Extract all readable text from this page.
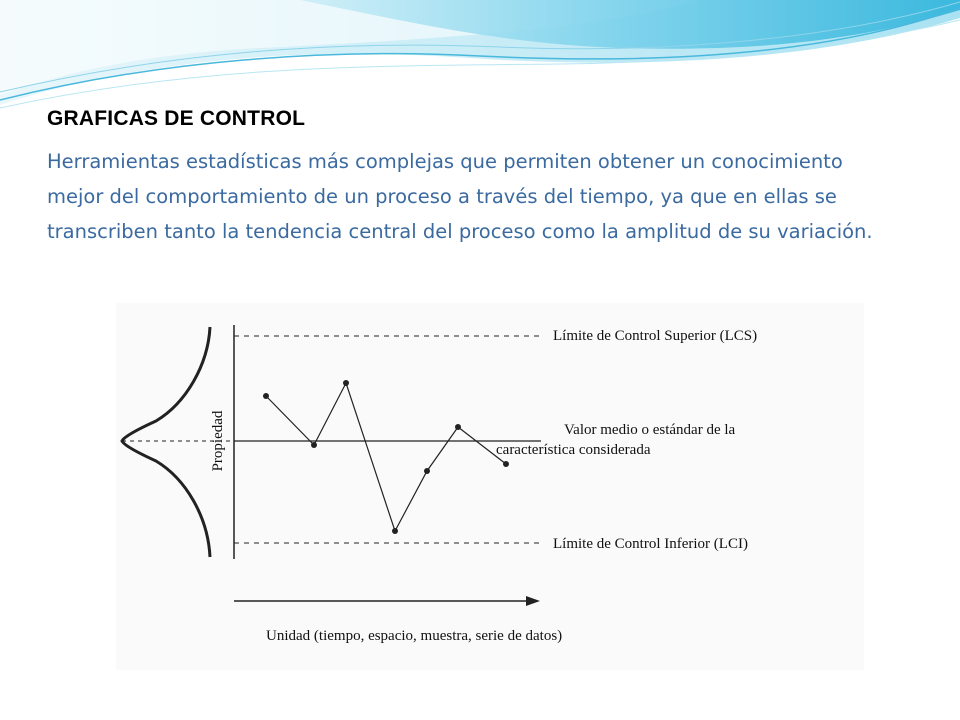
GRAFICAS DE CONTROL

Herramientas estadísticas más complejas que permiten obtener un conocimiento mejor del comportamiento de un proceso a través del tiempo, ya que en ellas se transcriben tanto la tendencia central del proceso como la amplitud de su variación.

Propiedad
Límite de Control Superior (LCS)
Valor medio o estándar de la
característica considerada
Límite de Control Inferior (LCI)
Unidad (tiempo, espacio, muestra, serie de datos)
